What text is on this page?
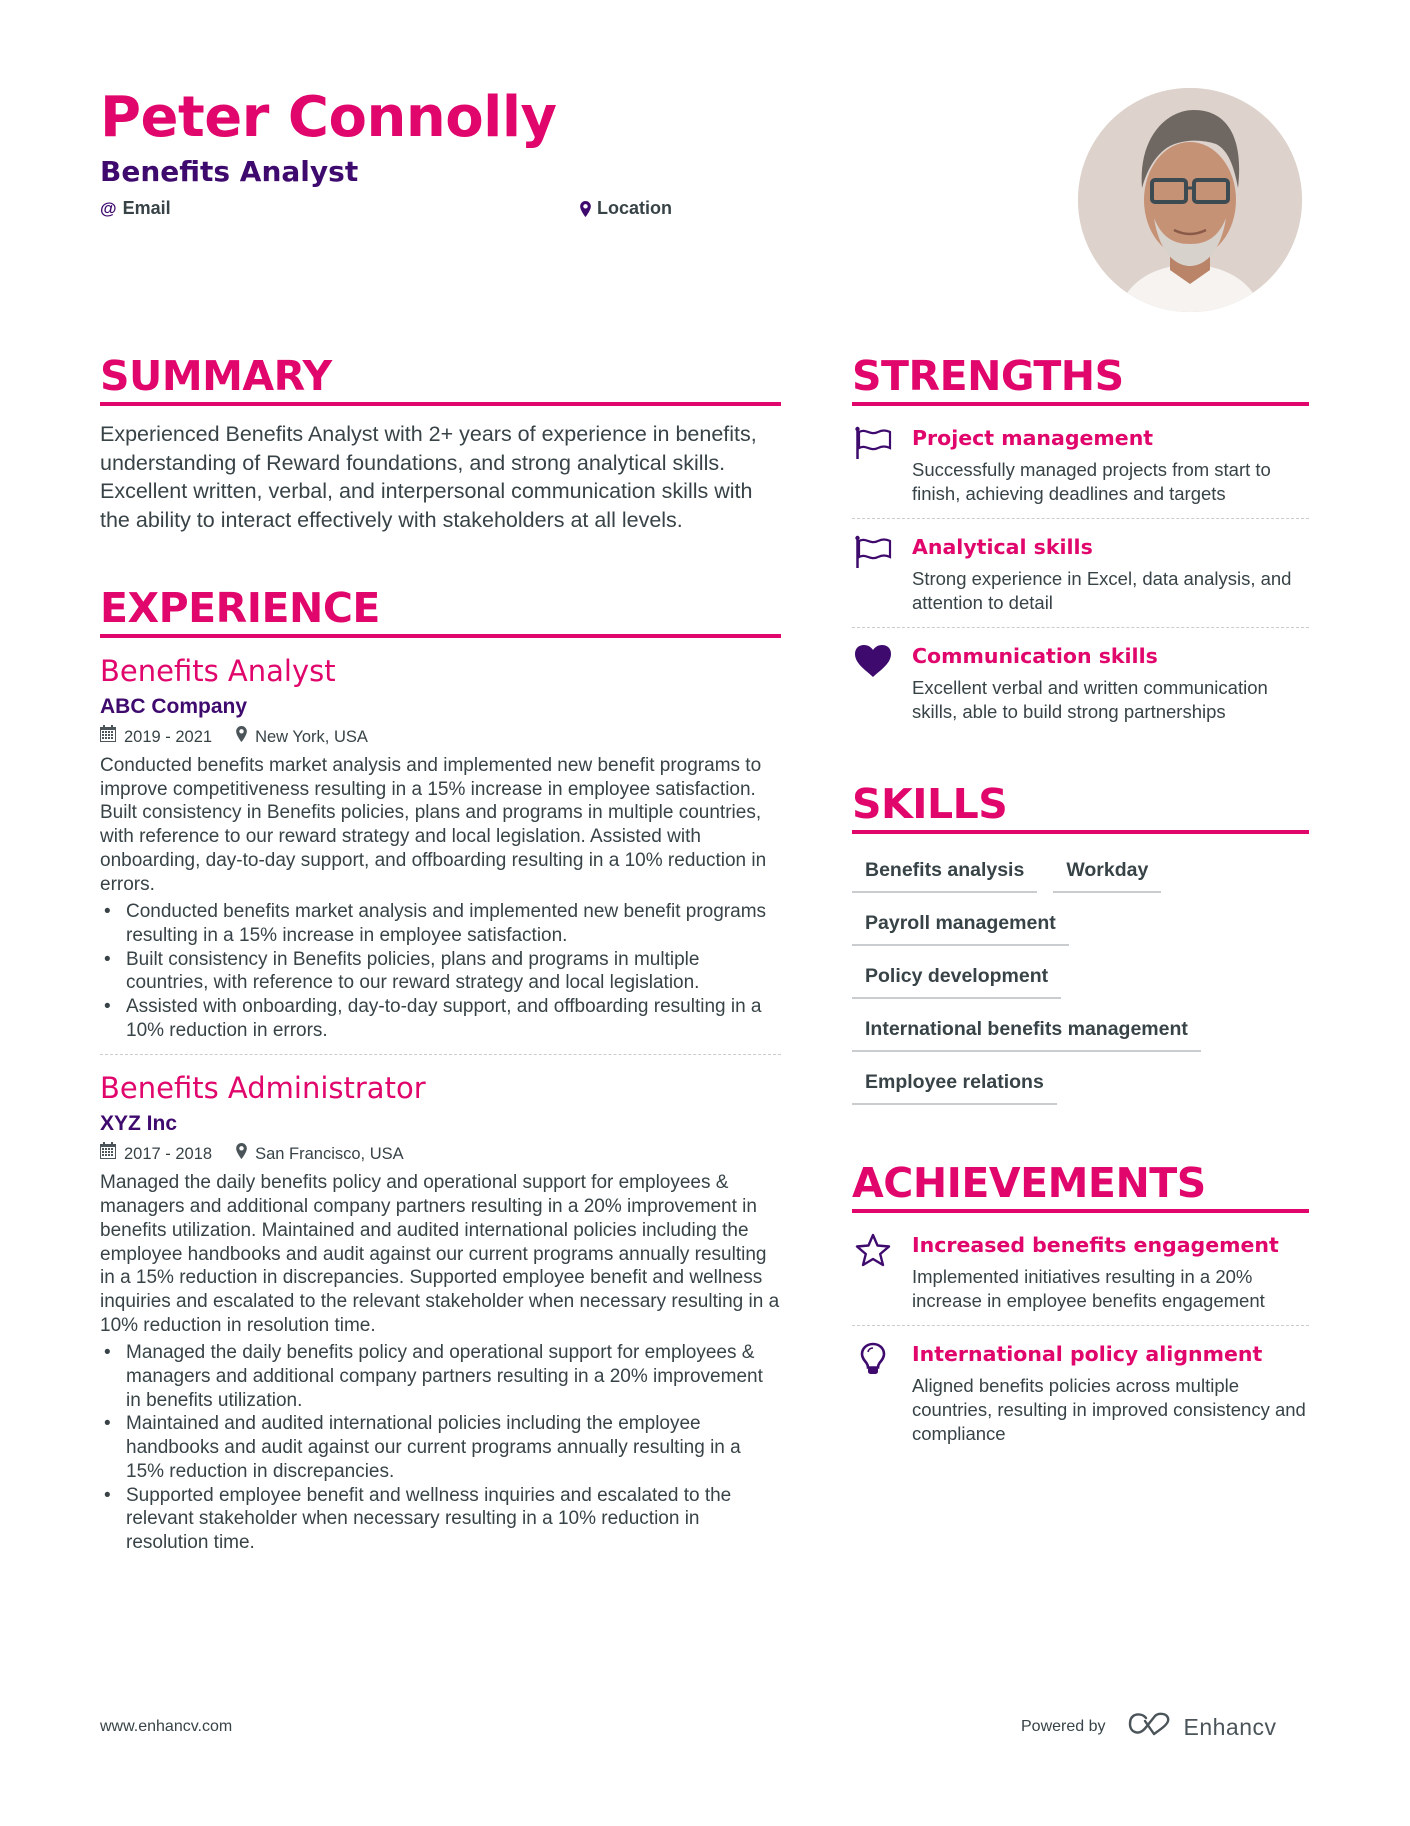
Peter Connolly
Benefits Analyst
@ Email	Location
SUMMARY

Experienced Benefits Analyst with 2+ years of experience in benefits, understanding of Reward foundations, and strong analytical skills. Excellent written, verbal, and interpersonal communication skills with the ability to interact effectively with stakeholders at all levels.

EXPERIENCE
Benefits Analyst
ABC Company
2019 - 2021	New York, USA

Conducted benefits market analysis and implemented new benefit programs to improve competitiveness resulting in a 15% increase in employee satisfaction. Built consistency in Benefits policies, plans and programs in multiple countries, with reference to our reward strategy and local legislation. Assisted with onboarding, day-to-day support, and offboarding resulting in a 10% reduction in errors.

• Conducted benefits market analysis and implemented new benefit programs resulting in a 15% increase in employee satisfaction.
• Built consistency in Benefits policies, plans and programs in multiple countries, with reference to our reward strategy and local legislation.
• Assisted with onboarding, day-to-day support, and offboarding resulting in a 10% reduction in errors.
Benefits Administrator
XYZ Inc
2017 - 2018	San Francisco, USA

Managed the daily benefits policy and operational support for employees & managers and additional company partners resulting in a 20% improvement in benefits utilization. Maintained and audited international policies including the employee handbooks and audit against our current programs annually resulting in a 15% reduction in discrepancies. Supported employee benefit and wellness inquiries and escalated to the relevant stakeholder when necessary resulting in a 10% reduction in resolution time.

• Managed the daily benefits policy and operational support for employees & managers and additional company partners resulting in a 20% improvement in benefits utilization.
• Maintained and audited international policies including the employee handbooks and audit against our current programs annually resulting in a 15% reduction in discrepancies.
• Supported employee benefit and wellness inquiries and escalated to the relevant stakeholder when necessary resulting in a 10% reduction in resolution time.
STRENGTHS
Project management
Successfully managed projects from start to finish, achieving deadlines and targets
Analytical skills
Strong experience in Excel, data analysis, and attention to detail
Communication skills
Excellent verbal and written communication skills, able to build strong partnerships
SKILLS
Benefits analysis	Workday
Payroll management
Policy development
International benefits management
Employee relations
ACHIEVEMENTS
Increased benefits engagement
Implemented initiatives resulting in a 20% increase in employee benefits engagement
International policy alignment
Aligned benefits policies across multiple countries, resulting in improved consistency and compliance
www.enhancv.com	Powered by	Enhancv
